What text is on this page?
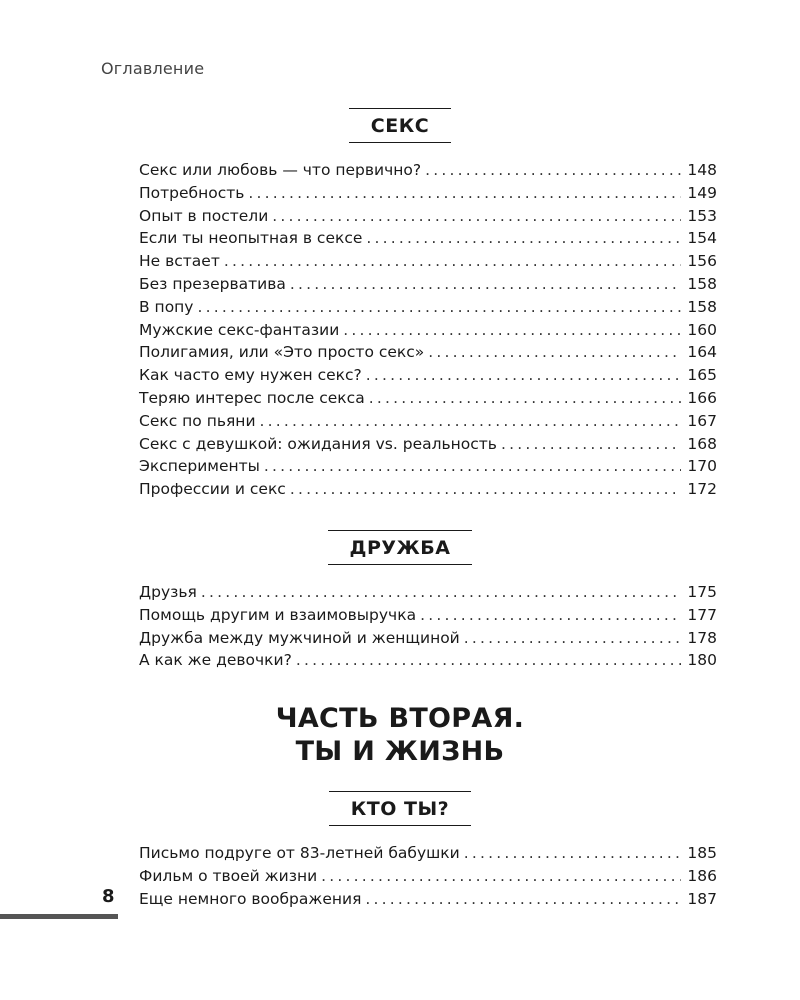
Оглавление
СЕКС
Секс или любовь — что первично? .....	148
Потребность .....	149
Опыт в постели .....	153
Если ты неопытная в сексе .....	154
Не встает .....	156
Без презерватива .....	158
В попу .....	158
Мужские секс-фантазии .....	160
Полигамия, или «Это просто секс» .....	164
Как часто ему нужен секс? .....	165
Теряю интерес после секса .....	166
Секс по пьяни .....	167
Секс с девушкой: ожидания vs. реальность .....	168
Эксперименты .....	170
Профессии и секс .....	172
ДРУЖБА
Друзья .....	175
Помощь другим и взаимовыручка .....	177
Дружба между мужчиной и женщиной .....	178
А как же девочки? .....	180
ЧАСТЬ ВТОРАЯ.
ТЫ И ЖИЗНЬ
КТО ТЫ?
Письмо подруге от 83-летней бабушки .....	185
Фильм о твоей жизни .....	186
Еще немного воображения .....	187
8
